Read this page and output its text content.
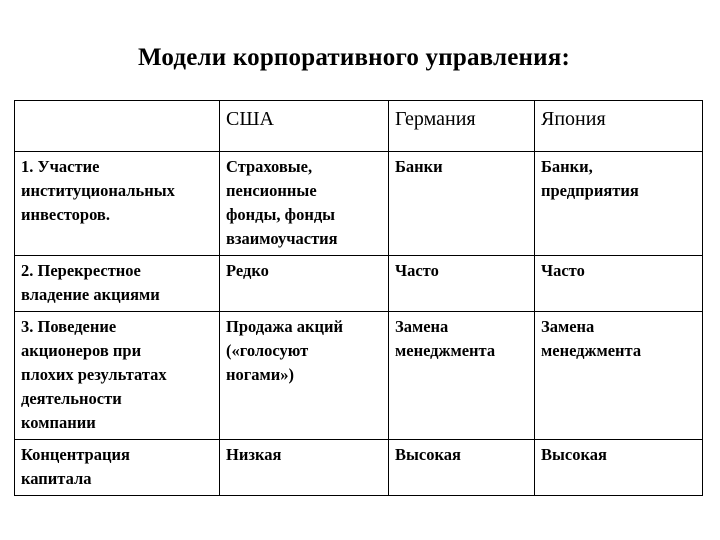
Модели корпоративного управления:
	США	Германия	Япония
1. Участие
институциональных
инвесторов.	Страховые,
пенсионные
фонды, фонды
взаимоучастия	Банки	Банки,
предприятия
2. Перекрестное
владение акциями	Редко	Часто	Часто
3. Поведение
акционеров при
плохих результатах
деятельности
компании	Продажа акций
(«голосуют
ногами»)	Замена
менеджмента	Замена
менеджмента
Концентрация
капитала	Низкая	Высокая	Высокая
